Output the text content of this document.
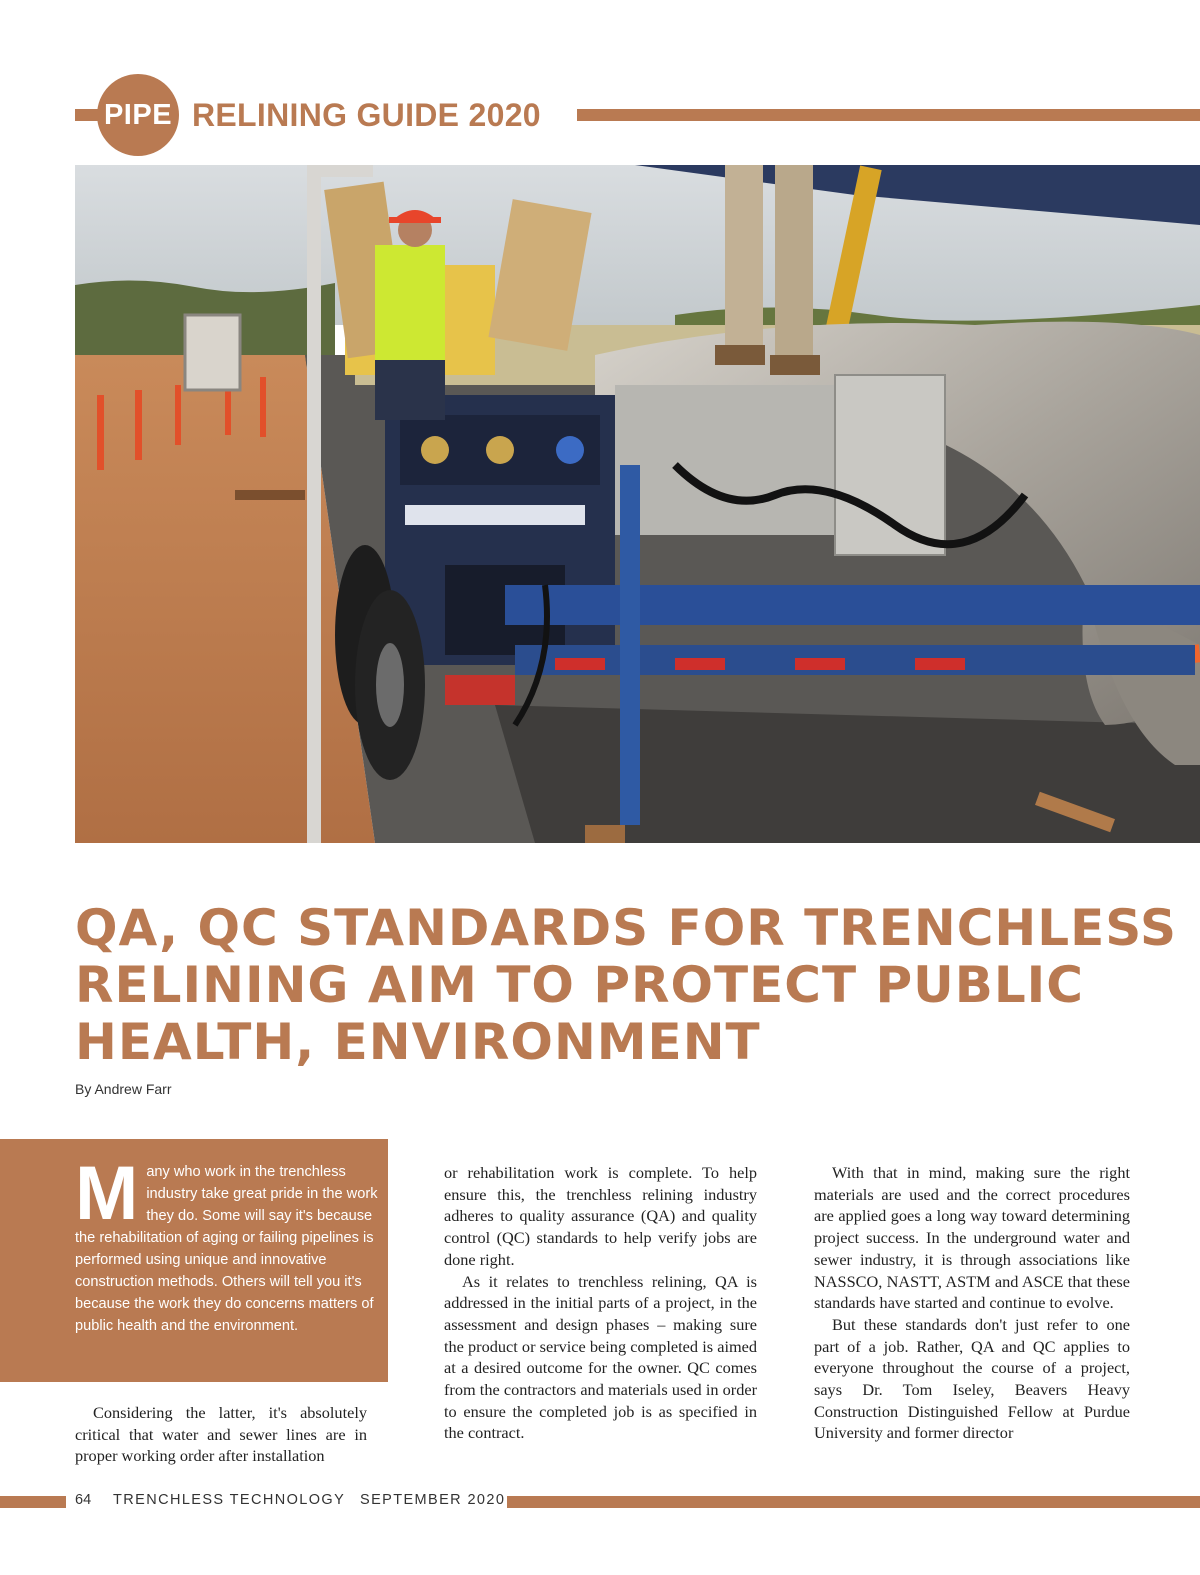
PIPE RELINING GUIDE 2020
QA, QC STANDARDS FOR TRENCHLESS RELINING AIM TO PROTECT PUBLIC HEALTH, ENVIRONMENT
By Andrew Farr
Many who work in the trenchless industry take great pride in the work they do. Some will say it's because the rehabilitation of aging or failing pipelines is performed using unique and innovative construction methods. Others will tell you it's because the work they do concerns matters of public health and the environment.

Considering the latter, it's absolutely critical that water and sewer lines are in proper working order after installation

or rehabilitation work is complete. To help ensure this, the trenchless relining industry adheres to quality assurance (QA) and quality control (QC) standards to help verify jobs are done right.

As it relates to trenchless relining, QA is addressed in the initial parts of a project, in the assessment and design phases – making sure the product or service being completed is aimed at a desired outcome for the owner. QC comes from the contractors and materials used in order to ensure the completed job is as specified in the contract.

With that in mind, making sure the right materials are used and the correct procedures are applied goes a long way toward determining project success. In the underground water and sewer industry, it is through associations like NASSCO, NASTT, ASTM and ASCE that these standards have started and continue to evolve.

But these standards don't just refer to one part of a job. Rather, QA and QC applies to everyone throughout the course of a project, says Dr. Tom Iseley, Beavers Heavy Construction Distinguished Fellow at Purdue University and former director

64 TRENCHLESS TECHNOLOGY SEPTEMBER 2020
